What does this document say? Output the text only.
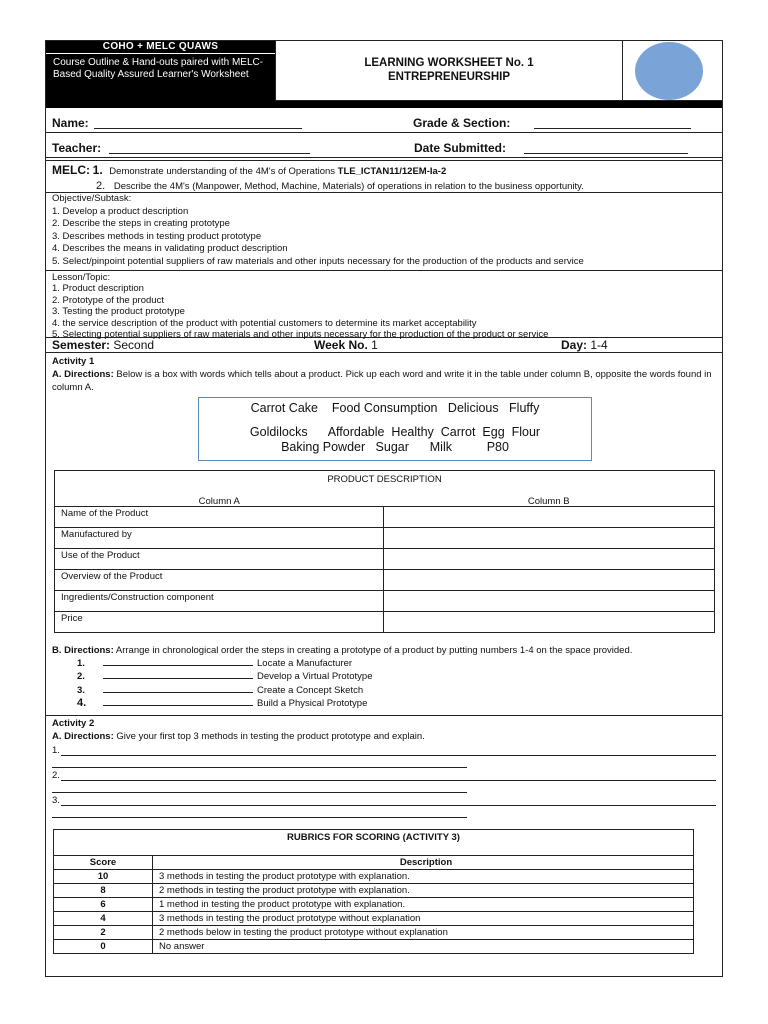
COHO + MELC QUAWS
Course Outline & Hand-outs paired with MELC- Based Quality Assured Learner's Worksheet
LEARNING WORKSHEET No. 1
ENTREPRENEURSHIP
Name:	Grade & Section:
Teacher:	Date Submitted:
MELC: 1. Demonstrate understanding of the 4M's of Operations TLE_ICTAN11/12EM-Ia-2
2. Describe the 4M's (Manpower, Method, Machine, Materials) of operations in relation to the business opportunity.
Objective/Subtask:
1. Develop a product description
2. Describe the steps in creating prototype
3. Describes methods in testing product prototype
4. Describes the means in validating product description
5. Select/pinpoint potential suppliers of raw materials and other inputs necessary for the production of the products and service
Lesson/Topic:
1. Product description
2. Prototype of the product
3. Testing the product prototype
4. the service description of the product with potential customers to determine its market acceptability
5. Selecting potential suppliers of raw materials and other inputs necessary for the production of the product or service
Semester: Second	Week No. 1	Day: 1-4
Activity 1
A. Directions: Below is a box with words which tells about a product. Pick up each word and write it in the table under column B, opposite the words found in column A.
Carrot Cake    Food Consumption   Delicious   Fluffy
Goldilocks      Affordable  Healthy  Carrot  Egg  Flour
Baking Powder   Sugar      Milk          P80
PRODUCT DESCRIPTION	
Column A	Column B
Name of the Product	
Manufactured by	
Use of the Product	
Overview of the Product	
Ingredients/Construction component	
Price	
B. Directions: Arrange in chronological order the steps in creating a prototype of a product by putting numbers 1-4 on the space provided.
1.	Locate a Manufacturer
2.	Develop a Virtual Prototype
3.	Create a Concept Sketch
4.	Build a Physical Prototype
Activity 2
A. Directions: Give your first top 3 methods in testing the product prototype and explain.
1.
2.
3.
RUBRICS FOR SCORING (ACTIVITY 3)	
Score	Description
10	3 methods in testing the product prototype with explanation.
8	2 methods in testing the product prototype with explanation.
6	1 method in testing the product prototype with explanation.
4	3 methods in testing the product prototype without explanation
2	2 methods below in testing the product prototype without explanation
0	No answer
